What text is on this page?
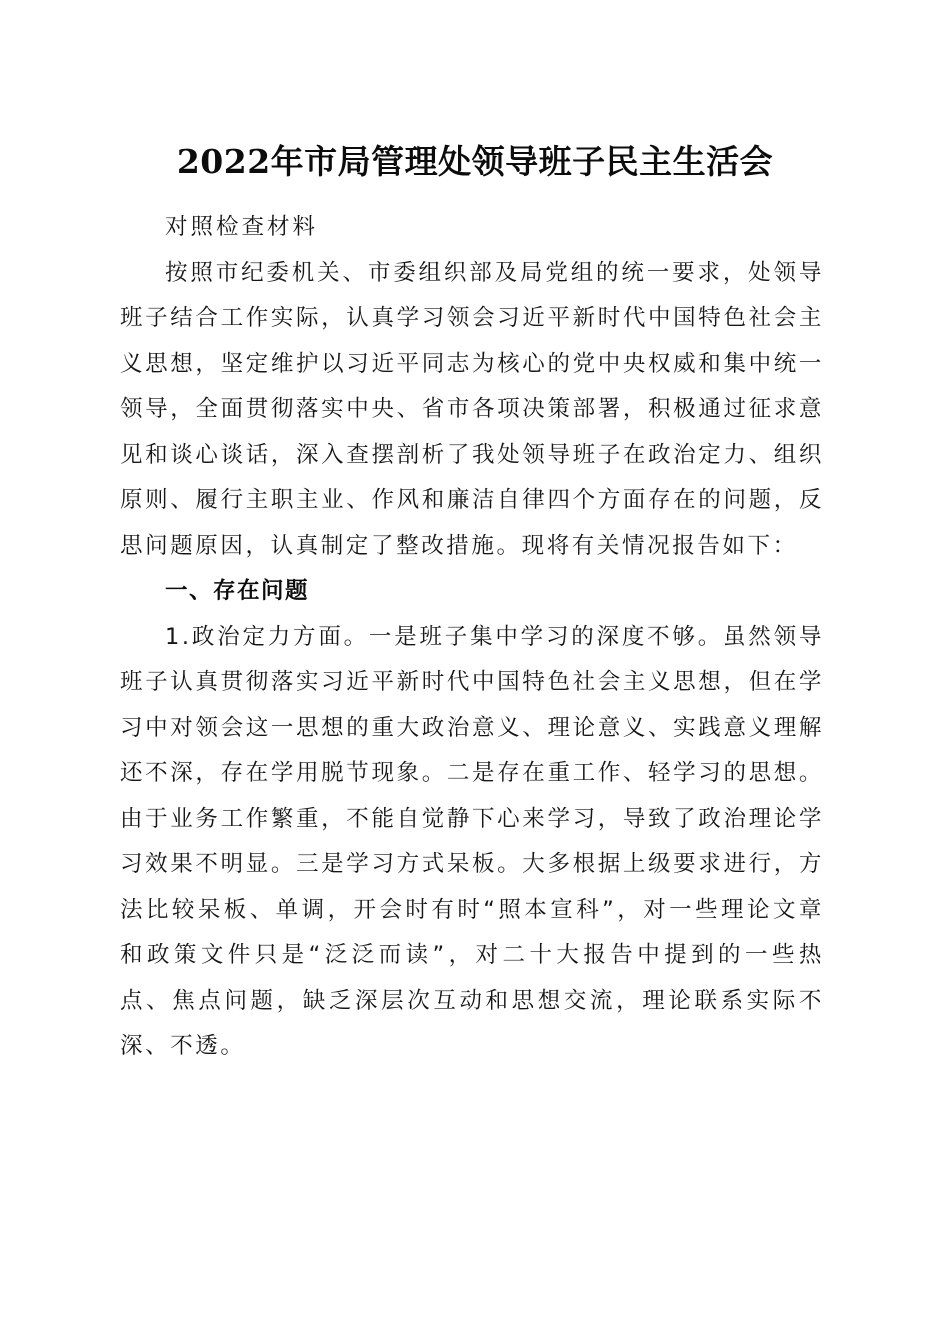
2022年市局管理处领导班子民主生活会

对照检查材料

按照市纪委机关、市委组织部及局党组的统一要求，处领导班子结合工作实际，认真学习领会习近平新时代中国特色社会主义思想，坚定维护以习近平同志为核心的党中央权威和集中统一领导，全面贯彻落实中央、省市各项决策部署，积极通过征求意见和谈心谈话，深入查摆剖析了我处领导班子在政治定力、组织原则、履行主职主业、作风和廉洁自律四个方面存在的问题，反思问题原因，认真制定了整改措施。现将有关情况报告如下：

一、存在问题

1.政治定力方面。一是班子集中学习的深度不够。虽然领导班子认真贯彻落实习近平新时代中国特色社会主义思想，但在学习中对领会这一思想的重大政治意义、理论意义、实践意义理解还不深，存在学用脱节现象。二是存在重工作、轻学习的思想。由于业务工作繁重，不能自觉静下心来学习，导致了政治理论学习效果不明显。三是学习方式呆板。大多根据上级要求进行，方法比较呆板、单调，开会时有时“照本宣科”，对一些理论文章和政策文件只是“泛泛而读”，对二十大报告中提到的一些热点、焦点问题，缺乏深层次互动和思想交流，理论联系实际不深、不透。
